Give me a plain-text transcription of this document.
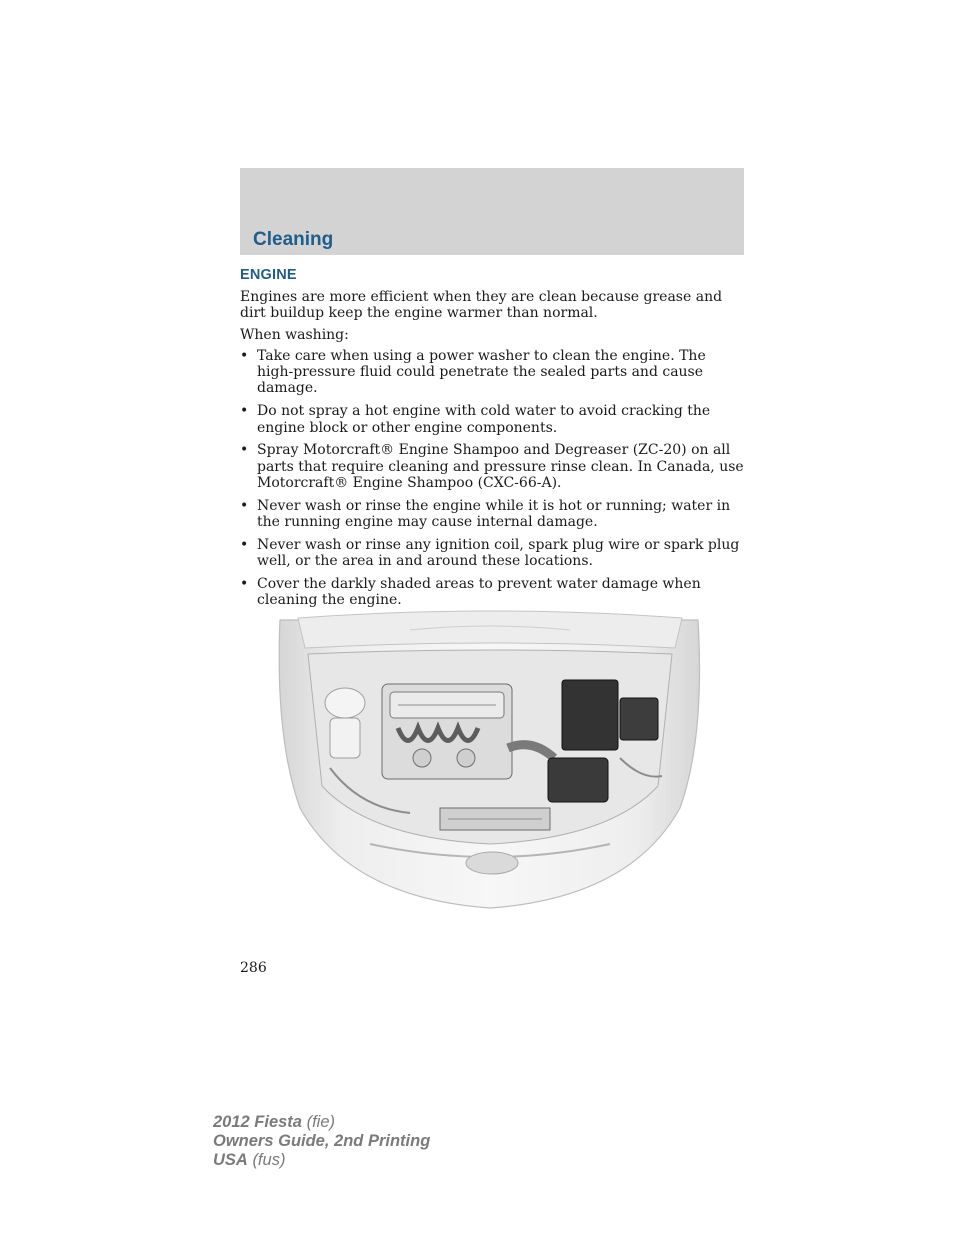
Cleaning
ENGINE

Engines are more efficient when they are clean because grease and dirt buildup keep the engine warmer than normal.

When washing:

• Take care when using a power washer to clean the engine. The high-pressure fluid could penetrate the sealed parts and cause damage.
• Do not spray a hot engine with cold water to avoid cracking the engine block or other engine components.
• Spray Motorcraft® Engine Shampoo and Degreaser (ZC-20) on all parts that require cleaning and pressure rinse clean. In Canada, use Motorcraft® Engine Shampoo (CXC-66-A).
• Never wash or rinse the engine while it is hot or running; water in the running engine may cause internal damage.
• Never wash or rinse any ignition coil, spark plug wire or spark plug well, or the area in and around these locations.
• Cover the darkly shaded areas to prevent water damage when cleaning the engine.
286
2012 Fiesta (fie)
Owners Guide, 2nd Printing
USA (fus)
